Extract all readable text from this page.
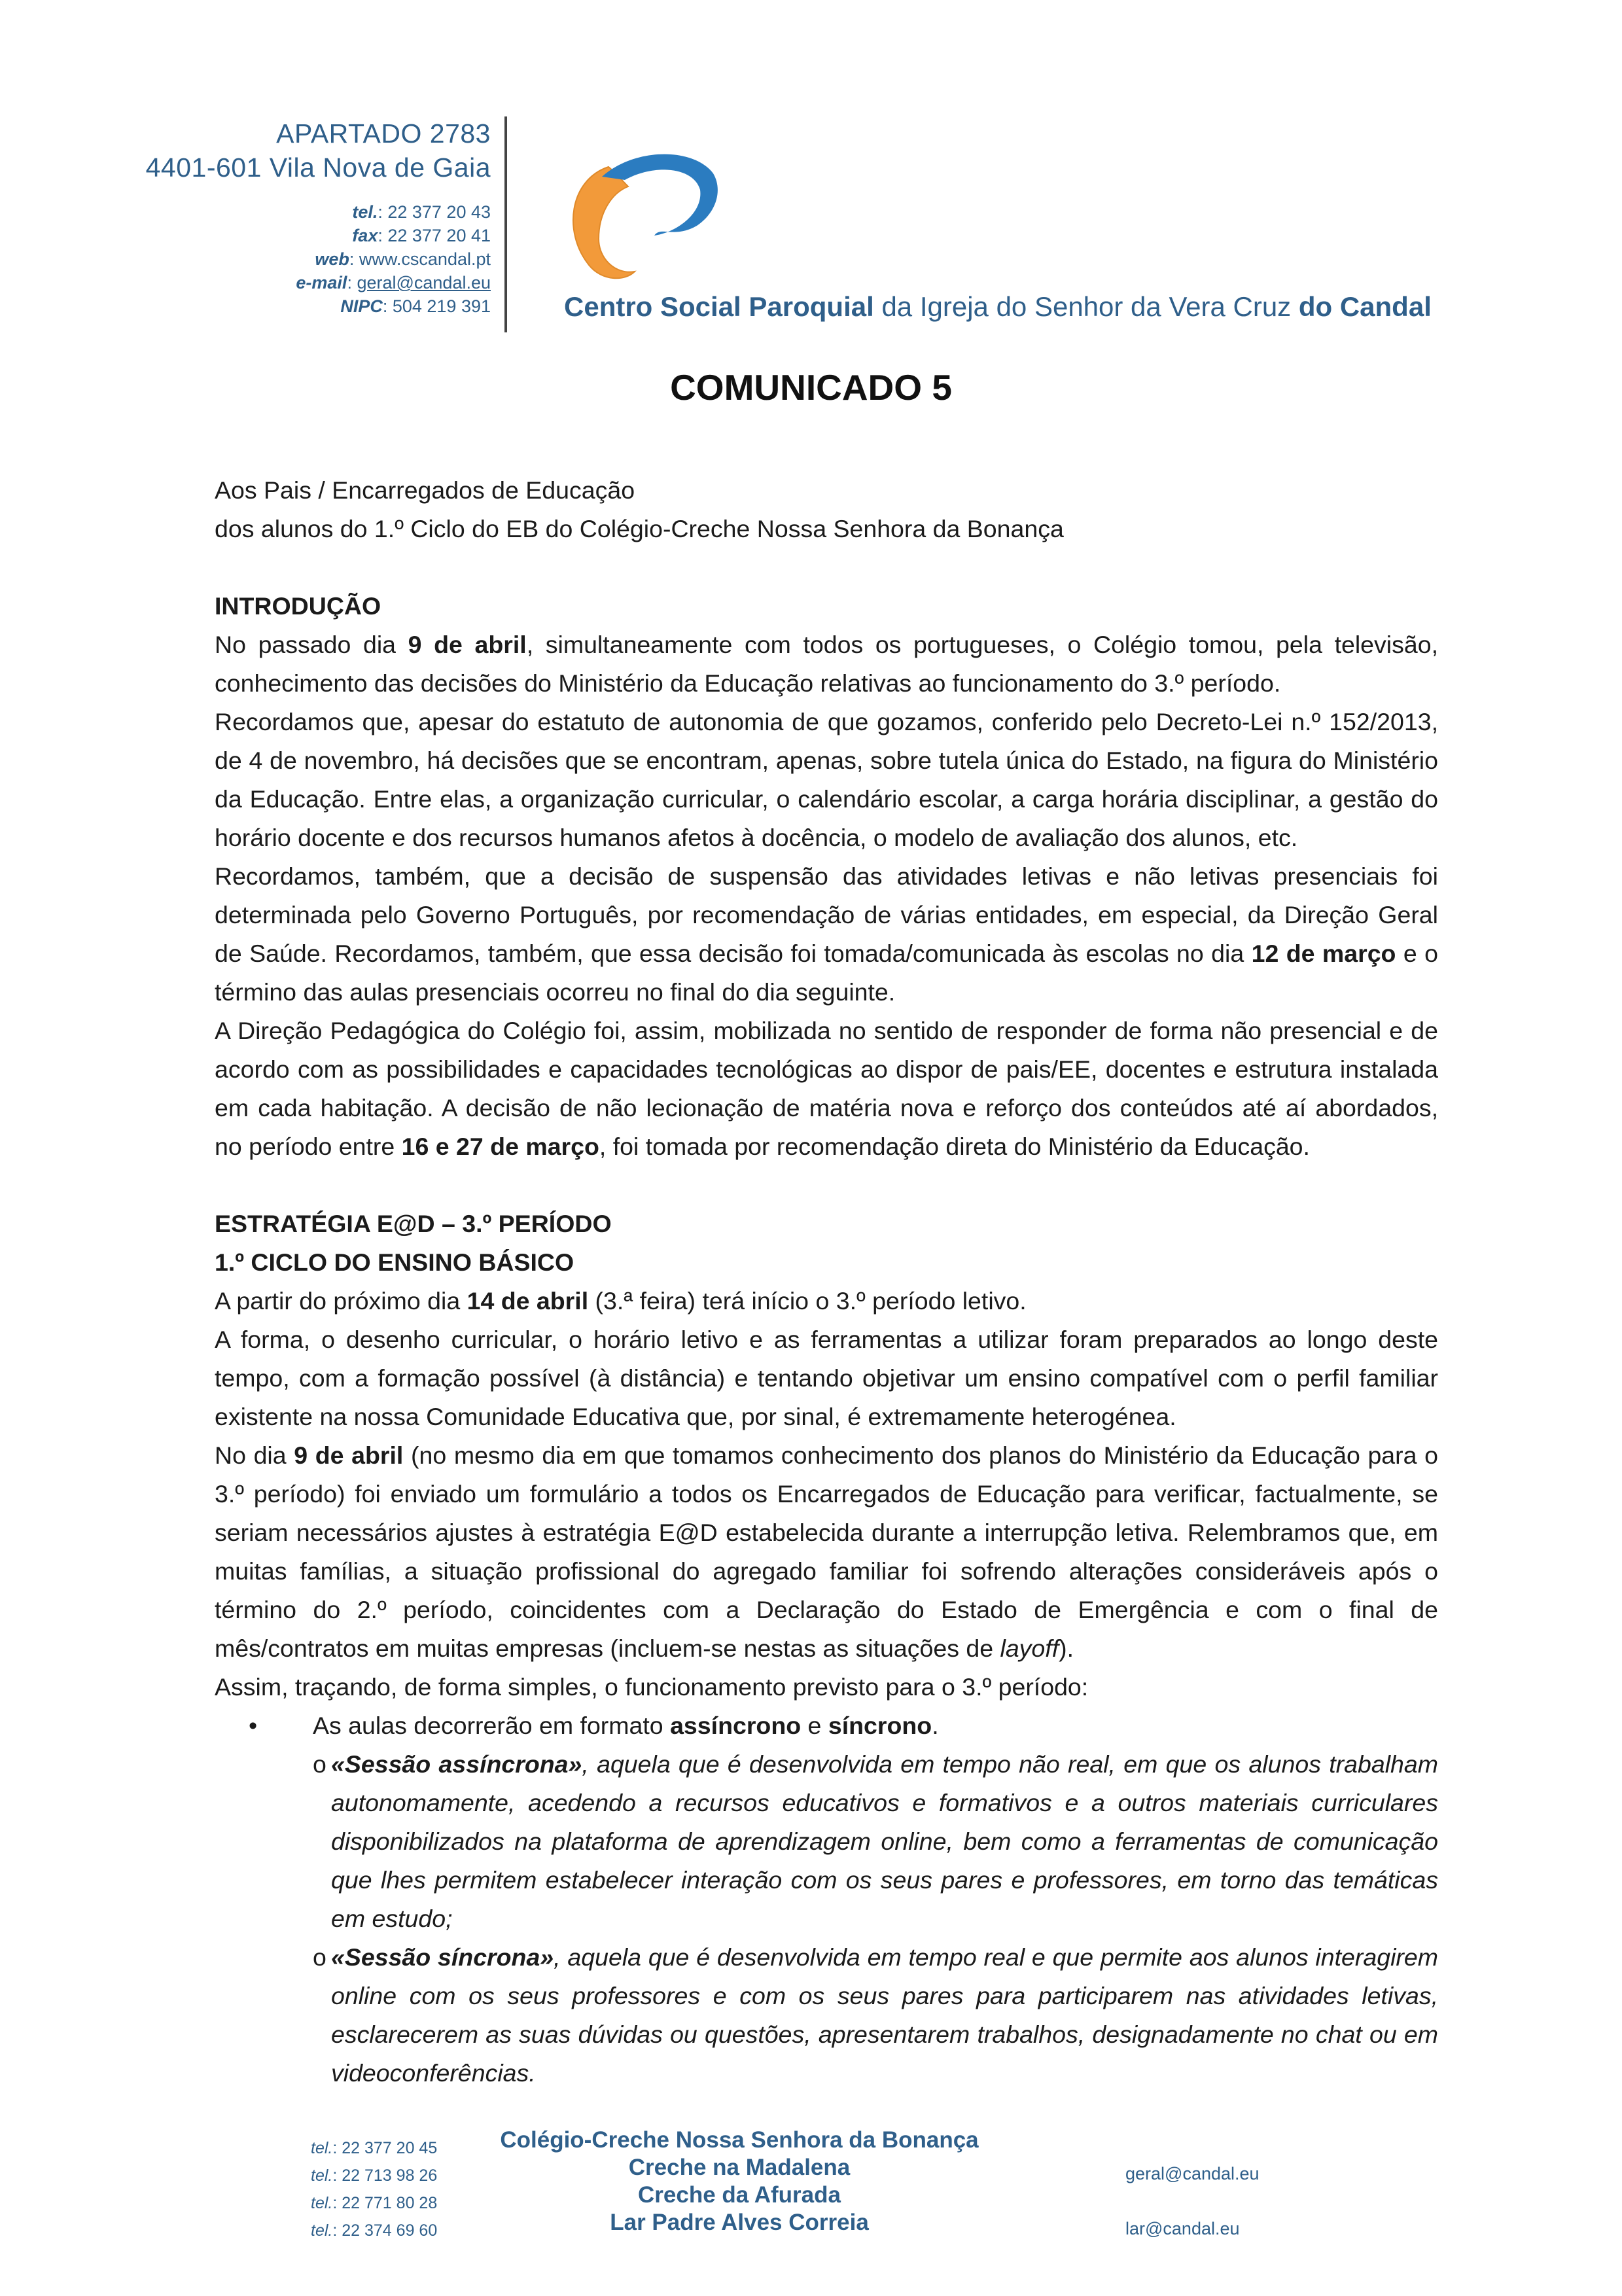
APARTADO 2783
4401-601 Vila Nova de Gaia
tel.: 22 377 20 43
fax: 22 377 20 41
web: www.cscandal.pt
e-mail: geral@candal.eu
NIPC: 504 219 391	Centro Social Paroquial da Igreja do Senhor da Vera Cruz do Candal
COMUNICADO 5

Aos Pais / Encarregados de Educação

dos alunos do 1.º Ciclo do EB do Colégio-Creche Nossa Senhora da Bonança

INTRODUÇÃO

No passado dia 9 de abril, simultaneamente com todos os portugueses, o Colégio tomou, pela televisão,

conhecimento das decisões do Ministério da Educação relativas ao funcionamento do 3.º período.

Recordamos que, apesar do estatuto de autonomia de que gozamos, conferido pelo Decreto-Lei n.º 152/2013,

de 4 de novembro, há decisões que se encontram, apenas, sobre tutela única do Estado, na figura do Ministério

da Educação. Entre elas, a organização curricular, o calendário escolar, a carga horária disciplinar, a gestão do

horário docente e dos recursos humanos afetos à docência, o modelo de avaliação dos alunos, etc.

Recordamos, também, que a decisão de suspensão das atividades letivas e não letivas presenciais foi

determinada pelo Governo Português, por recomendação de várias entidades, em especial, da Direção Geral

de Saúde. Recordamos, também, que essa decisão foi tomada/comunicada às escolas no dia 12 de março e o

término das aulas presenciais ocorreu no final do dia seguinte.

A Direção Pedagógica do Colégio foi, assim, mobilizada no sentido de responder de forma não presencial e de

acordo com as possibilidades e capacidades tecnológicas ao dispor de pais/EE, docentes e estrutura instalada

em cada habitação. A decisão de não lecionação de matéria nova e reforço dos conteúdos até aí abordados,

no período entre 16 e 27 de março, foi tomada por recomendação direta do Ministério da Educação.

ESTRATÉGIA E@D – 3.º PERÍODO

1.º CICLO DO ENSINO BÁSICO

A partir do próximo dia 14 de abril (3.ª feira) terá início o 3.º período letivo.

A forma, o desenho curricular, o horário letivo e as ferramentas a utilizar foram preparados ao longo deste

tempo, com a formação possível (à distância) e tentando objetivar um ensino compatível com o perfil familiar

existente na nossa Comunidade Educativa que, por sinal, é extremamente heterogénea.

No dia 9 de abril (no mesmo dia em que tomamos conhecimento dos planos do Ministério da Educação para o

3.º período) foi enviado um formulário a todos os Encarregados de Educação para verificar, factualmente, se

seriam necessários ajustes à estratégia E@D estabelecida durante a interrupção letiva. Relembramos que, em

muitas famílias, a situação profissional do agregado familiar foi sofrendo alterações consideráveis após o

término do 2.º período, coincidentes com a Declaração do Estado de Emergência e com o final de

mês/contratos em muitas empresas (incluem-se nestas as situações de layoff).

Assim, traçando, de forma simples, o funcionamento previsto para o 3.º período:

• As aulas decorrerão em formato assíncrono e síncrono.

o «Sessão assíncrona», aquela que é desenvolvida em tempo não real, em que os alunos trabalham autonomamente, acedendo a recursos educativos e formativos e a outros materiais curriculares disponibilizados na plataforma de aprendizagem online, bem como a ferramentas de comunicação que lhes permitem estabelecer interação com os seus pares e professores, em torno das temáticas em estudo;

o «Sessão síncrona», aquela que é desenvolvida em tempo real e que permite aos alunos interagirem online com os seus professores e com os seus pares para participarem nas atividades letivas, esclarecerem as suas dúvidas ou questões, apresentarem trabalhos, designadamente no chat ou em videoconferências.

tel.: 22 377 20 45
tel.: 22 713 98 26
tel.: 22 771 80 28
tel.: 22 374 69 60
Colégio-Creche Nossa Senhora da Bonança
Creche na Madalena
Creche da Afurada
Lar Padre Alves Correia
geral@candal.eu
lar@candal.eu
